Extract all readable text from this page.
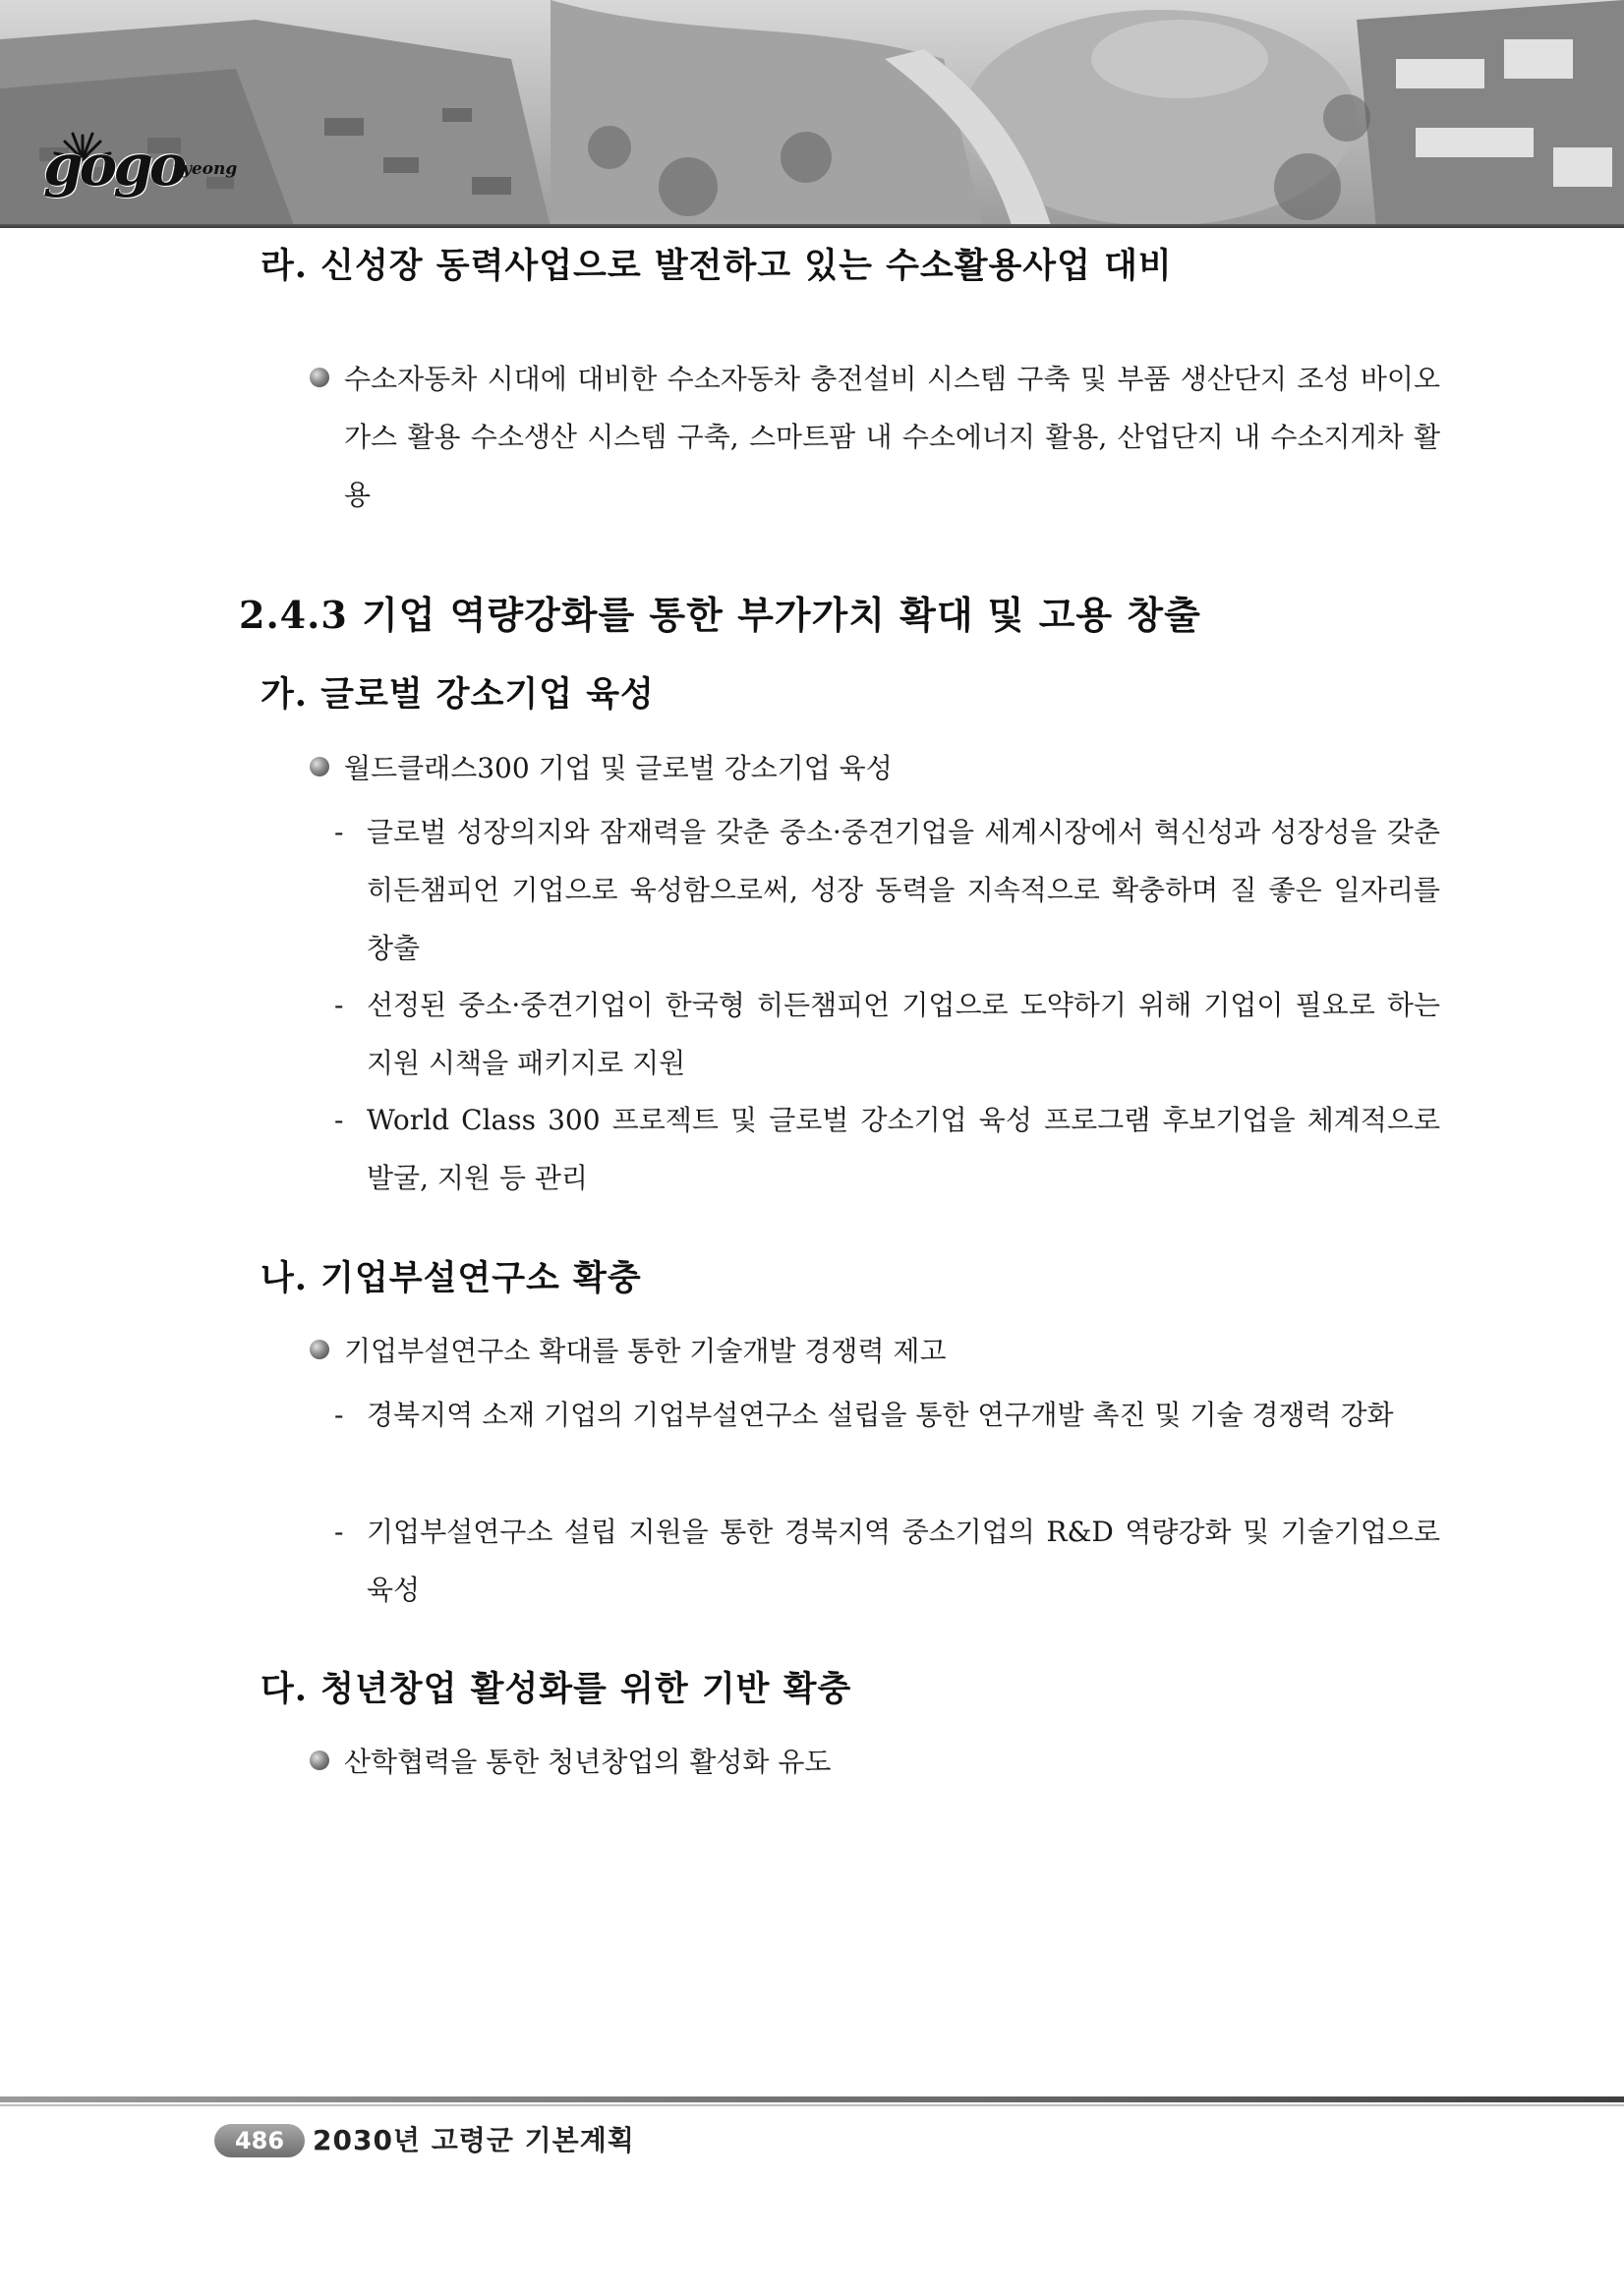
gogo
ryeong
라. 신성장 동력사업으로 발전하고 있는 수소활용사업 대비
수소자동차 시대에 대비한 수소자동차 충전설비 시스템 구축 및 부품 생산단지 조성 바이오가스 활용 수소생산 시스템 구축, 스마트팜 내 수소에너지 활용, 산업단지 내 수소지게차 활용
2.4.3 기업 역량강화를 통한 부가가치 확대 및 고용 창출
가. 글로벌 강소기업 육성
월드클래스300 기업 및 글로벌 강소기업 육성
- 글로벌 성장의지와 잠재력을 갖춘 중소·중견기업을 세계시장에서 혁신성과 성장성을 갖춘 히든챔피언 기업으로 육성함으로써, 성장 동력을 지속적으로 확충하며 질 좋은 일자리를 창출
- 선정된 중소·중견기업이 한국형 히든챔피언 기업으로 도약하기 위해 기업이 필요로 하는 지원 시책을 패키지로 지원
- World Class 300 프로젝트 및 글로벌 강소기업 육성 프로그램 후보기업을 체계적으로 발굴, 지원 등 관리
나. 기업부설연구소 확충
기업부설연구소 확대를 통한 기술개발 경쟁력 제고
- 경북지역 소재 기업의 기업부설연구소 설립을 통한 연구개발 촉진 및 기술 경쟁력 강화
- 기업부설연구소 설립 지원을 통한 경북지역 중소기업의 R&D 역량강화 및 기술기업으로 육성
다. 청년창업 활성화를 위한 기반 확충
산학협력을 통한 청년창업의 활성화 유도
486	2030년 고령군 기본계획
